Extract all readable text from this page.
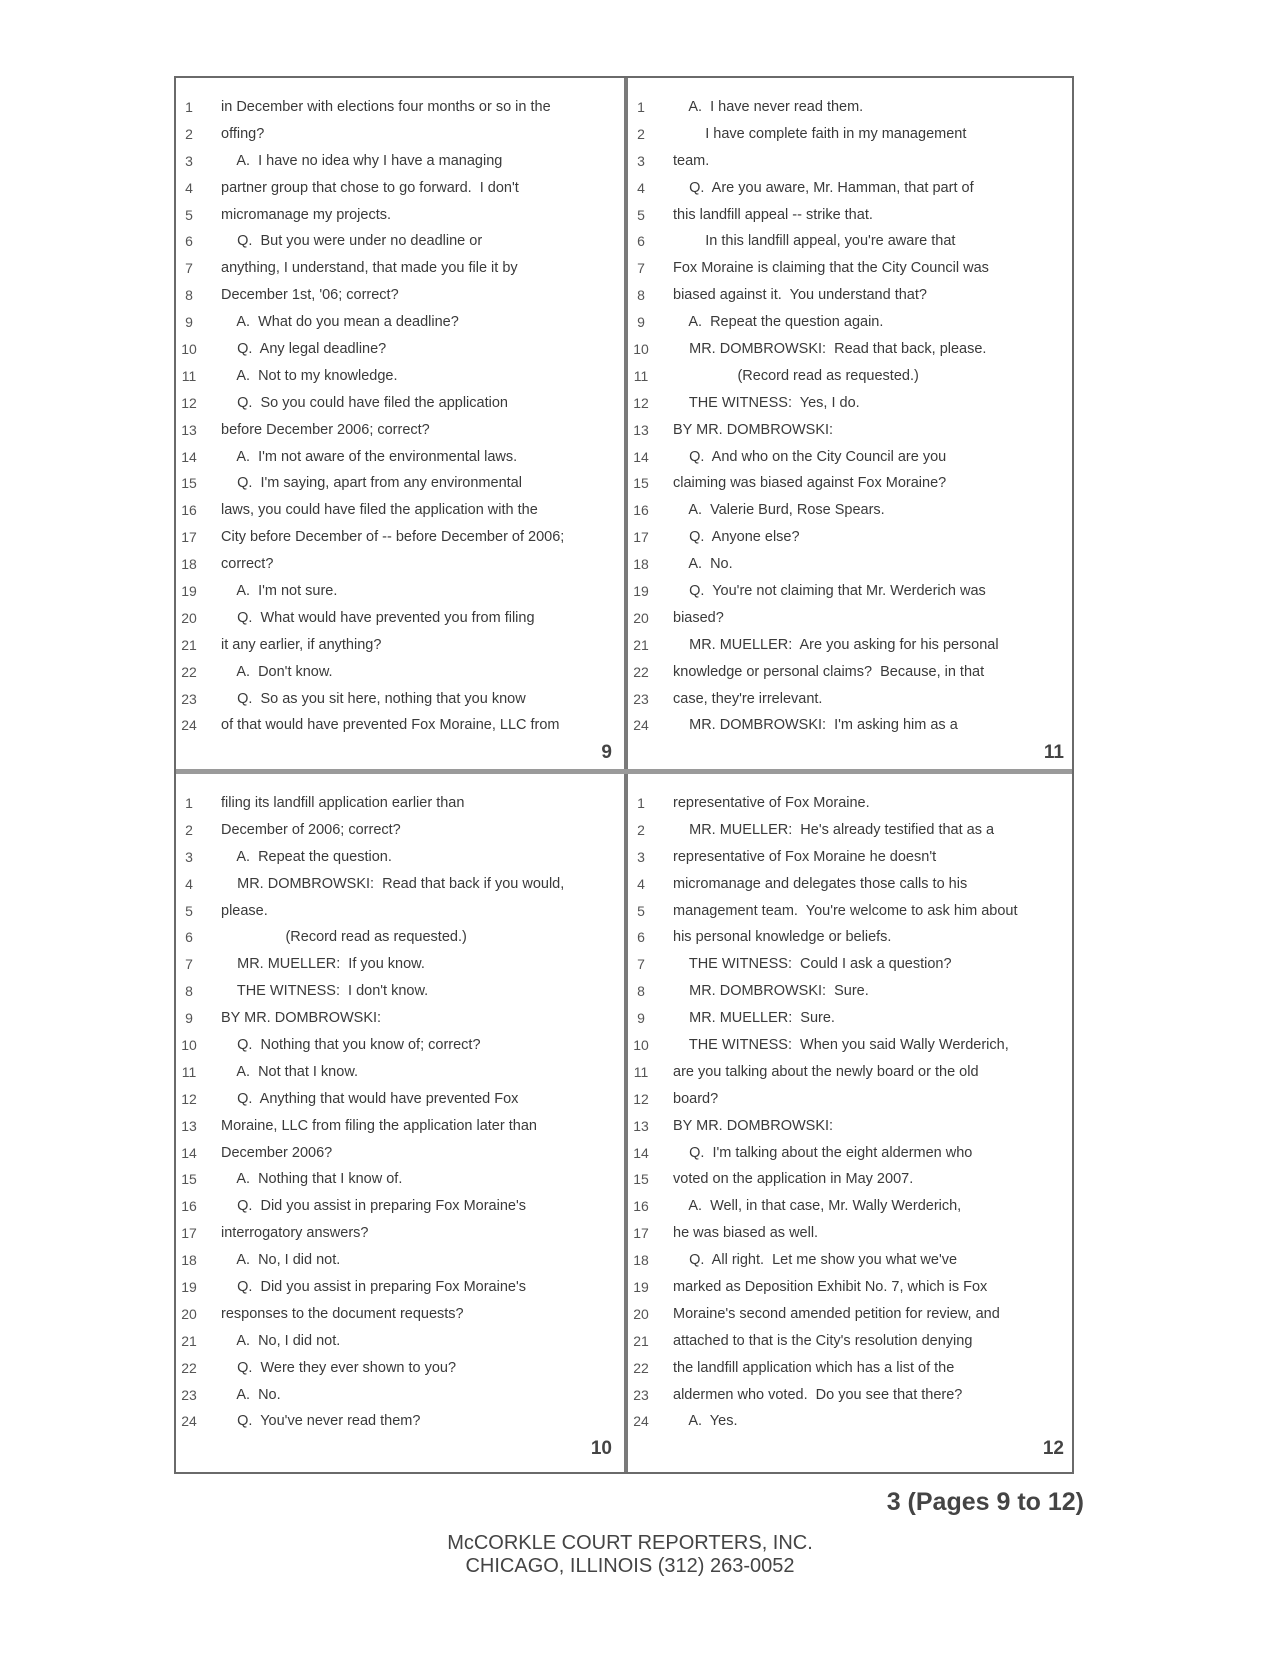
1	in December with elections four months or so in the
2	offing?
3	A.  I have no idea why I have a managing
4	partner group that chose to go forward.  I don't
5	micromanage my projects.
6	Q.  But you were under no deadline or
7	anything, I understand, that made you file it by
8	December 1st, '06; correct?
9	A.  What do you mean a deadline?
10	Q.  Any legal deadline?
11	A.  Not to my knowledge.
12	Q.  So you could have filed the application
13	before December 2006; correct?
14	A.  I'm not aware of the environmental laws.
15	Q.  I'm saying, apart from any environmental
16	laws, you could have filed the application with the
17	City before December of -- before December of 2006;
18	correct?
19	A.  I'm not sure.
20	Q.  What would have prevented you from filing
21	it any earlier, if anything?
22	A.  Don't know.
23	Q.  So as you sit here, nothing that you know
24	of that would have prevented Fox Moraine, LLC from
9
1	A.  I have never read them.
2	I have complete faith in my management
3	team.
4	Q.  Are you aware, Mr. Hamman, that part of
5	this landfill appeal -- strike that.
6	In this landfill appeal, you're aware that
7	Fox Moraine is claiming that the City Council was
8	biased against it.  You understand that?
9	A.  Repeat the question again.
10	MR. DOMBROWSKI:  Read that back, please.
11	(Record read as requested.)
12	THE WITNESS:  Yes, I do.
13	BY MR. DOMBROWSKI:
14	Q.  And who on the City Council are you
15	claiming was biased against Fox Moraine?
16	A.  Valerie Burd, Rose Spears.
17	Q.  Anyone else?
18	A.  No.
19	Q.  You're not claiming that Mr. Werderich was
20	biased?
21	MR. MUELLER:  Are you asking for his personal
22	knowledge or personal claims?  Because, in that
23	case, they're irrelevant.
24	MR. DOMBROWSKI:  I'm asking him as a
11
1	filing its landfill application earlier than
2	December of 2006; correct?
3	A.  Repeat the question.
4	MR. DOMBROWSKI:  Read that back if you would,
5	please.
6	(Record read as requested.)
7	MR. MUELLER:  If you know.
8	THE WITNESS:  I don't know.
9	BY MR. DOMBROWSKI:
10	Q.  Nothing that you know of; correct?
11	A.  Not that I know.
12	Q.  Anything that would have prevented Fox
13	Moraine, LLC from filing the application later than
14	December 2006?
15	A.  Nothing that I know of.
16	Q.  Did you assist in preparing Fox Moraine's
17	interrogatory answers?
18	A.  No, I did not.
19	Q.  Did you assist in preparing Fox Moraine's
20	responses to the document requests?
21	A.  No, I did not.
22	Q.  Were they ever shown to you?
23	A.  No.
24	Q.  You've never read them?
10
1	representative of Fox Moraine.
2	MR. MUELLER:  He's already testified that as a
3	representative of Fox Moraine he doesn't
4	micromanage and delegates those calls to his
5	management team.  You're welcome to ask him about
6	his personal knowledge or beliefs.
7	THE WITNESS:  Could I ask a question?
8	MR. DOMBROWSKI:  Sure.
9	MR. MUELLER:  Sure.
10	THE WITNESS:  When you said Wally Werderich,
11	are you talking about the newly board or the old
12	board?
13	BY MR. DOMBROWSKI:
14	Q.  I'm talking about the eight aldermen who
15	voted on the application in May 2007.
16	A.  Well, in that case, Mr. Wally Werderich,
17	he was biased as well.
18	Q.  All right.  Let me show you what we've
19	marked as Deposition Exhibit No. 7, which is Fox
20	Moraine's second amended petition for review, and
21	attached to that is the City's resolution denying
22	the landfill application which has a list of the
23	aldermen who voted.  Do you see that there?
24	A.  Yes.
12
3 (Pages 9 to 12)
McCORKLE COURT REPORTERS, INC.
CHICAGO, ILLINOIS (312) 263-0052
